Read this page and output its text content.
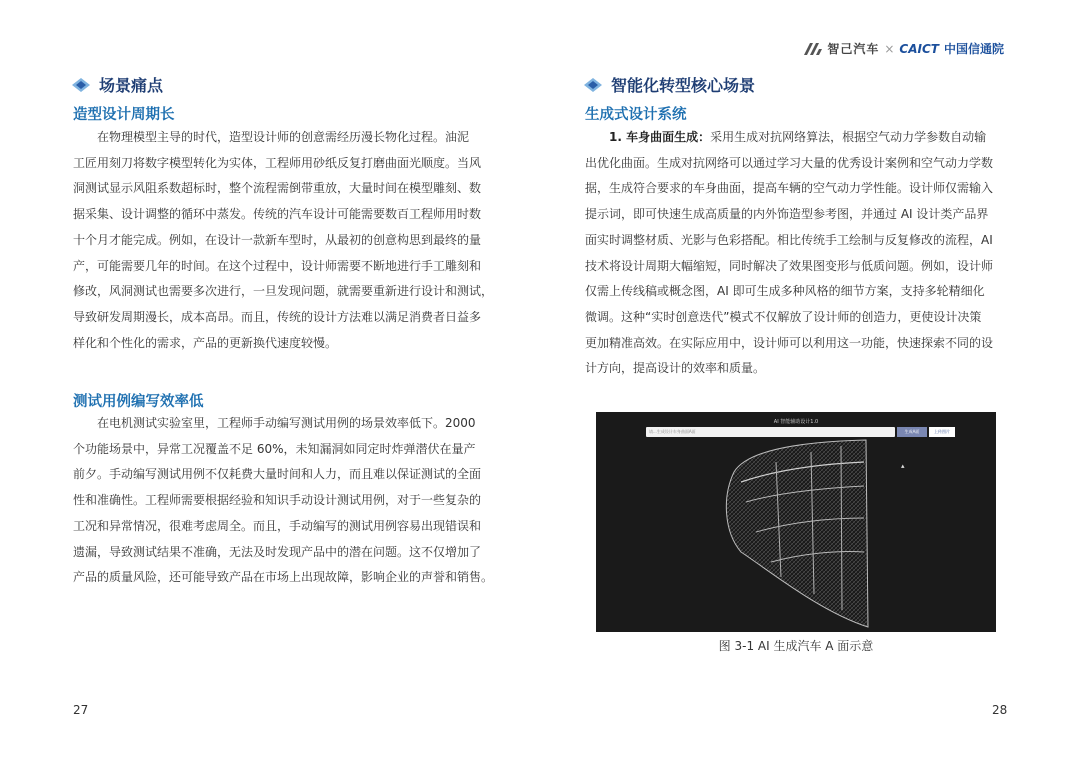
场景痛点
造型设计周期长

在物理模型主导的时代，造型设计师的创意需经历漫长物化过程。油泥

工匠用刻刀将数字模型转化为实体，工程师用砂纸反复打磨曲面光顺度。当风

洞测试显示风阻系数超标时，整个流程需倒带重放，大量时间在模型雕刻、数

据采集、设计调整的循环中蒸发。传统的汽车设计可能需要数百工程师用时数

十个月才能完成。例如，在设计一款新车型时，从最初的创意构思到最终的量

产，可能需要几年的时间。在这个过程中，设计师需要不断地进行手工雕刻和

修改，风洞测试也需要多次进行，一旦发现问题，就需要重新进行设计和测试，

导致研发周期漫长，成本高昂。而且，传统的设计方法难以满足消费者日益多

样化和个性化的需求，产品的更新换代速度较慢。

测试用例编写效率低

在电机测试实验室里，工程师手动编写测试用例的场景效率低下。2000

个功能场景中，异常工况覆盖不足 60%，未知漏洞如同定时炸弹潜伏在量产

前夕。手动编写测试用例不仅耗费大量时间和人力，而且难以保证测试的全面

性和准确性。工程师需要根据经验和知识手动设计测试用例，对于一些复杂的

工况和异常情况，很难考虑周全。而且，手动编写的测试用例容易出现错误和

遗漏，导致测试结果不准确，无法及时发现产品中的潜在问题。这不仅增加了

产品的质量风险，还可能导致产品在市场上出现故障，影响企业的声誉和销售。

27
智己汽车 × CAICT 中国信通院
智能化转型核心场景
生成式设计系统

1. 车身曲面生成：采用生成对抗网络算法，根据空气动力学参数自动输

出优化曲面。生成对抗网络可以通过学习大量的优秀设计案例和空气动力学数

据，生成符合要求的车身曲面，提高车辆的空气动力学性能。设计师仅需输入

提示词，即可快速生成高质量的内外饰造型参考图，并通过 AI 设计类产品界

面实时调整材质、光影与色彩搭配。相比传统手工绘制与反复修改的流程，AI

技术将设计周期大幅缩短，同时解决了效果图变形与低质问题。例如，设计师

仅需上传线稿或概念图，AI 即可生成多种风格的细节方案，支持多轮精细化

微调。这种“实时创意迭代”模式不仅解放了设计师的创造力，更使设计决策

更加精准高效。在实际应用中，设计师可以利用这一功能，快速探索不同的设

计方向，提高设计的效率和质量。

AI 智能辅助设计1.0
请...生成设计车身曲面A面	生成A面	上传图片
▴
图 3-1 AI 生成汽车 A 面示意
28
